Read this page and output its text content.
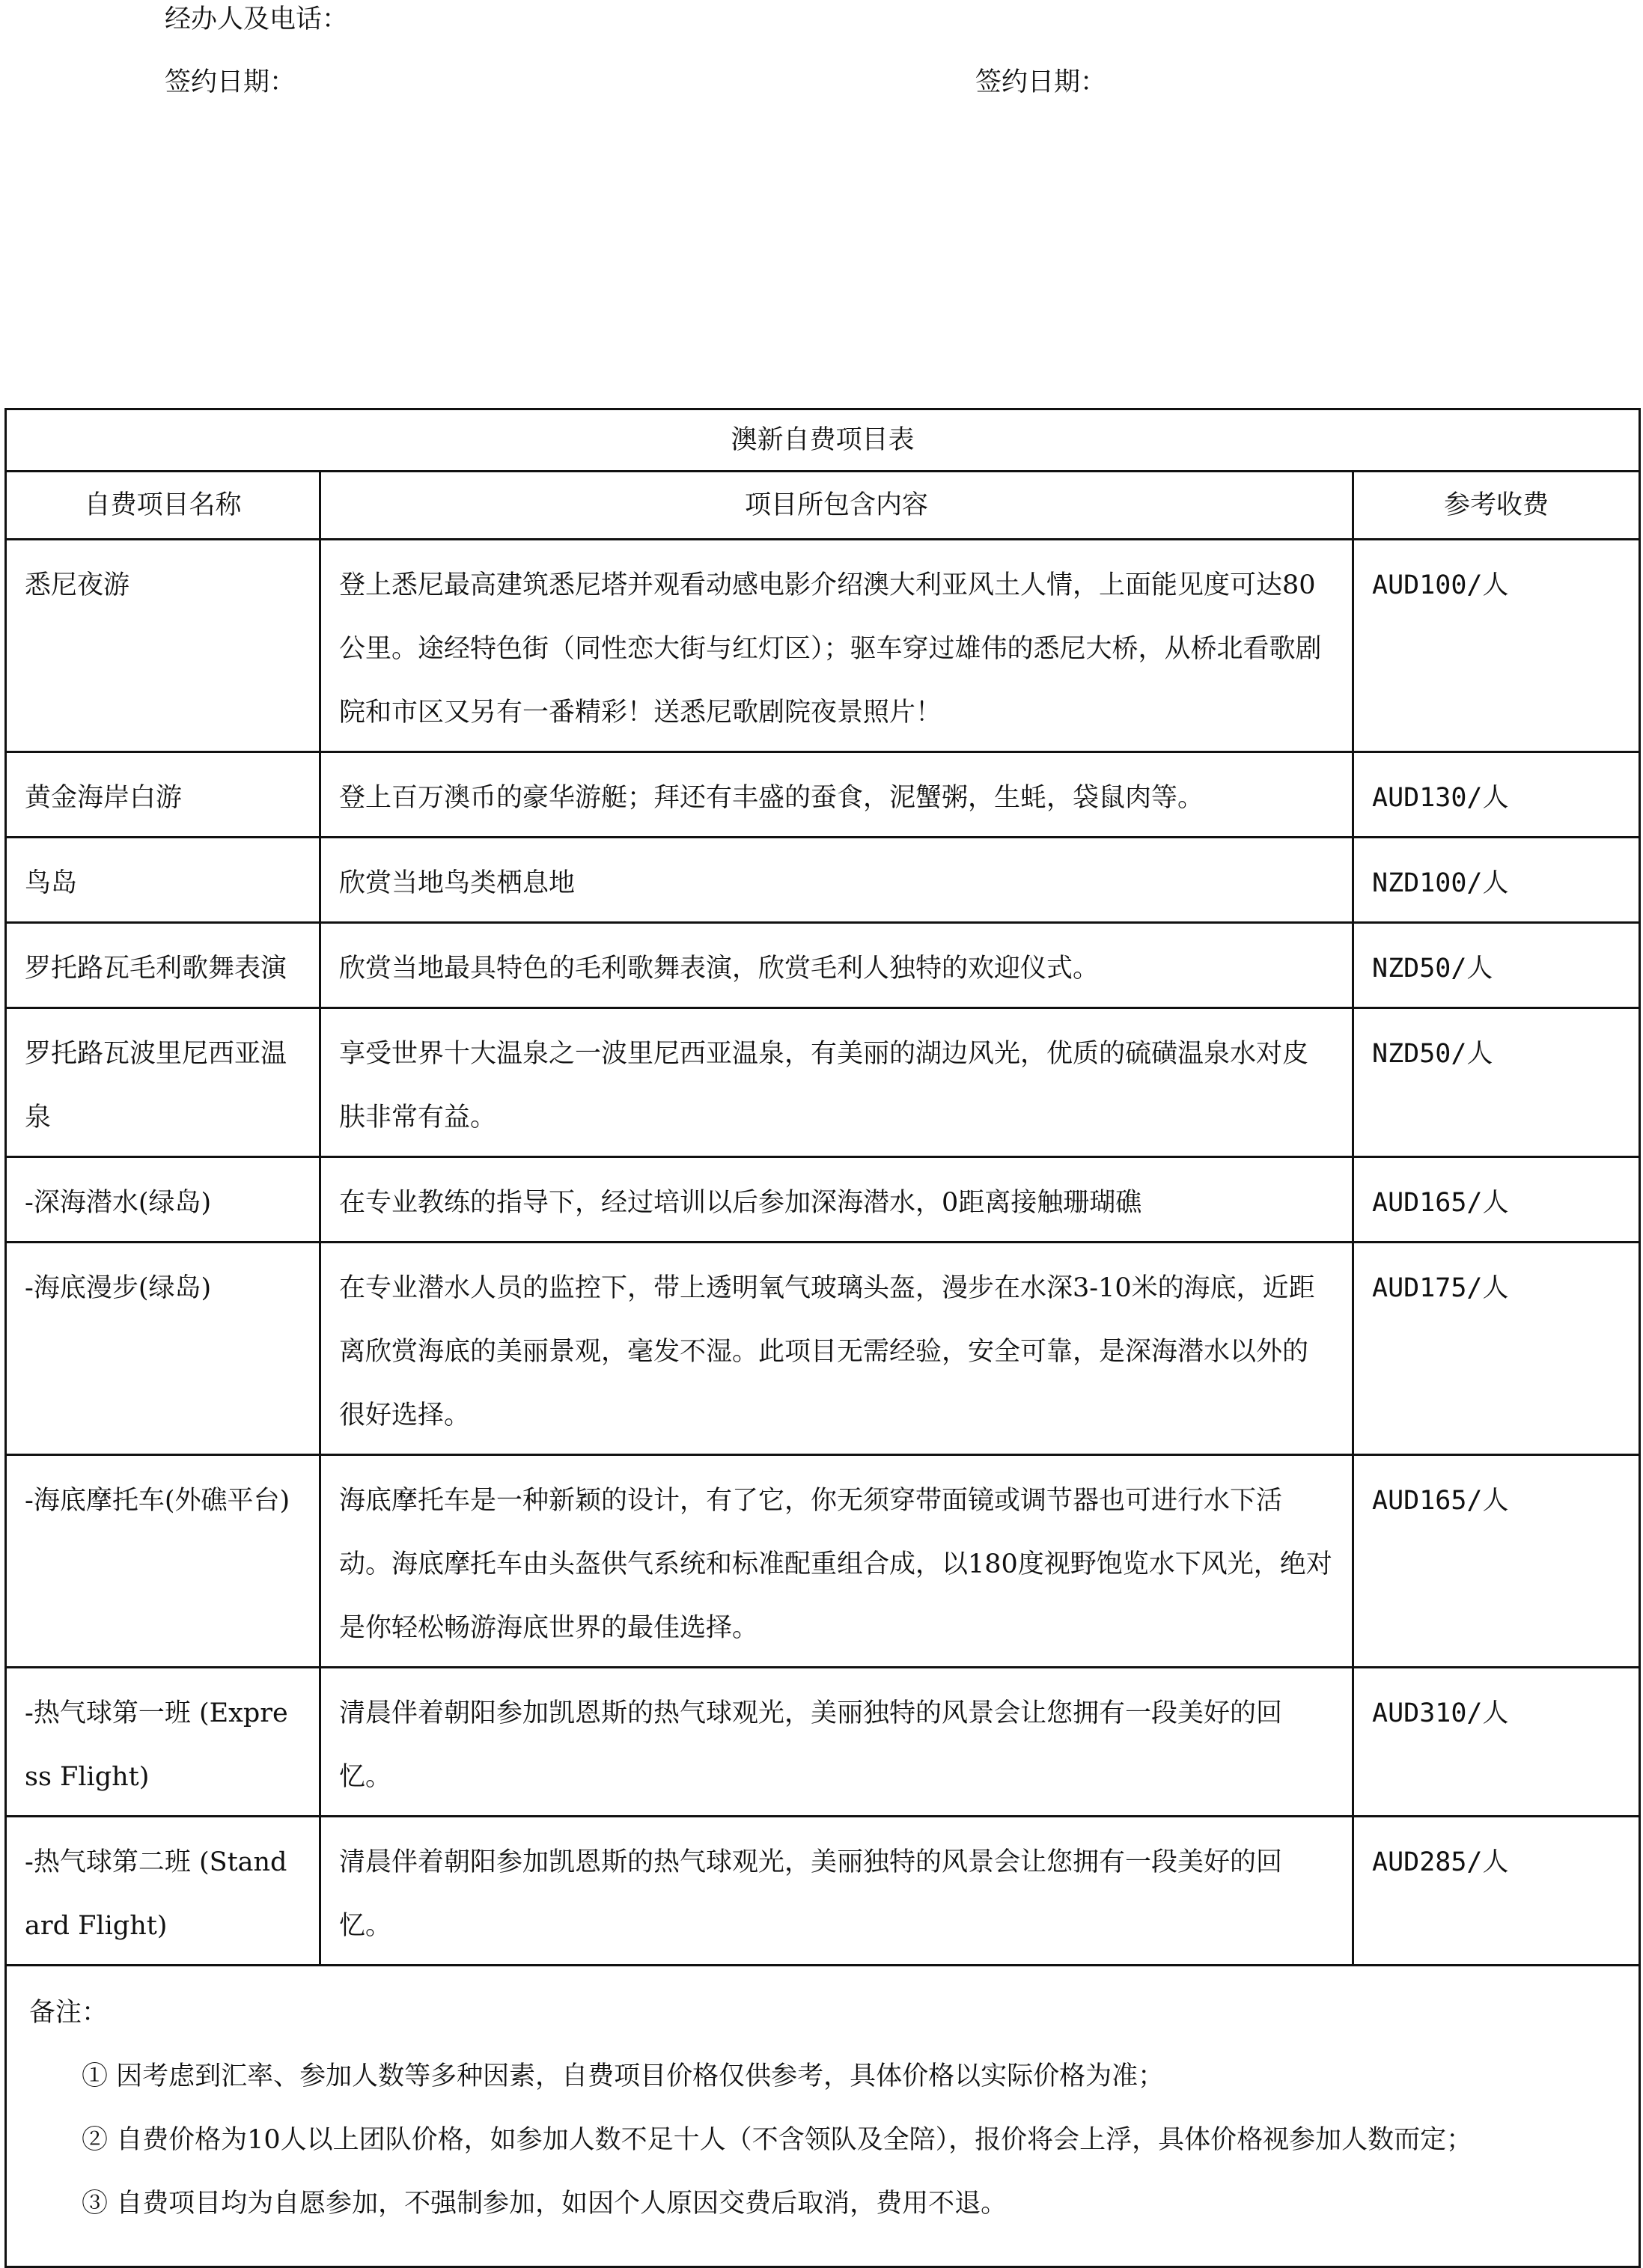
经办人及电话：
签约日期：	签约日期：
澳新自费项目表		
自费项目名称	项目所包含内容	参考收费
悉尼夜游	登上悉尼最高建筑悉尼塔并观看动感电影介绍澳大利亚风土人情，上面能见度可达80公里。途经特色街（同性恋大街与红灯区）；驱车穿过雄伟的悉尼大桥，从桥北看歌剧院和市区又另有一番精彩！送悉尼歌剧院夜景照片！	AUD100/人
黄金海岸白游	登上百万澳币的豪华游艇；拜还有丰盛的蚕食，泥蟹粥，生蚝，袋鼠肉等。	AUD130/人
鸟岛	欣赏当地鸟类栖息地	NZD100/人
罗托路瓦毛利歌舞表演	欣赏当地最具特色的毛利歌舞表演，欣赏毛利人独特的欢迎仪式。	NZD50/人
罗托路瓦波里尼西亚温泉	享受世界十大温泉之一波里尼西亚温泉，有美丽的湖边风光，优质的硫磺温泉水对皮肤非常有益。	NZD50/人
-深海潜水(绿岛)	在专业教练的指导下，经过培训以后参加深海潜水，0距离接触珊瑚礁	AUD165/人
-海底漫步(绿岛)	在专业潜水人员的监控下，带上透明氧气玻璃头盔，漫步在水深3-10米的海底，近距离欣赏海底的美丽景观，毫发不湿。此项目无需经验，安全可靠，是深海潜水以外的很好选择。	AUD175/人
-海底摩托车(外礁平台)	海底摩托车是一种新颖的设计，有了它，你无须穿带面镜或调节器也可进行水下活动。海底摩托车由头盔供气系统和标准配重组合成，以180度视野饱览水下风光，绝对是你轻松畅游海底世界的最佳选择。	AUD165/人
-热气球第一班 (Express Flight)	清晨伴着朝阳参加凯恩斯的热气球观光，美丽独特的风景会让您拥有一段美好的回忆。	AUD310/人
-热气球第二班 (Standard Flight)	清晨伴着朝阳参加凯恩斯的热气球观光，美丽独特的风景会让您拥有一段美好的回忆。	AUD285/人

备注：
① 因考虑到汇率、参加人数等多种因素，自费项目价格仅供参考，具体价格以实际价格为准；
② 自费价格为10人以上团队价格，如参加人数不足十人（不含领队及全陪），报价将会上浮，具体价格视参加人数而定；
③ 自费项目均为自愿参加，不强制参加，如因个人原因交费后取消，费用不退。		
